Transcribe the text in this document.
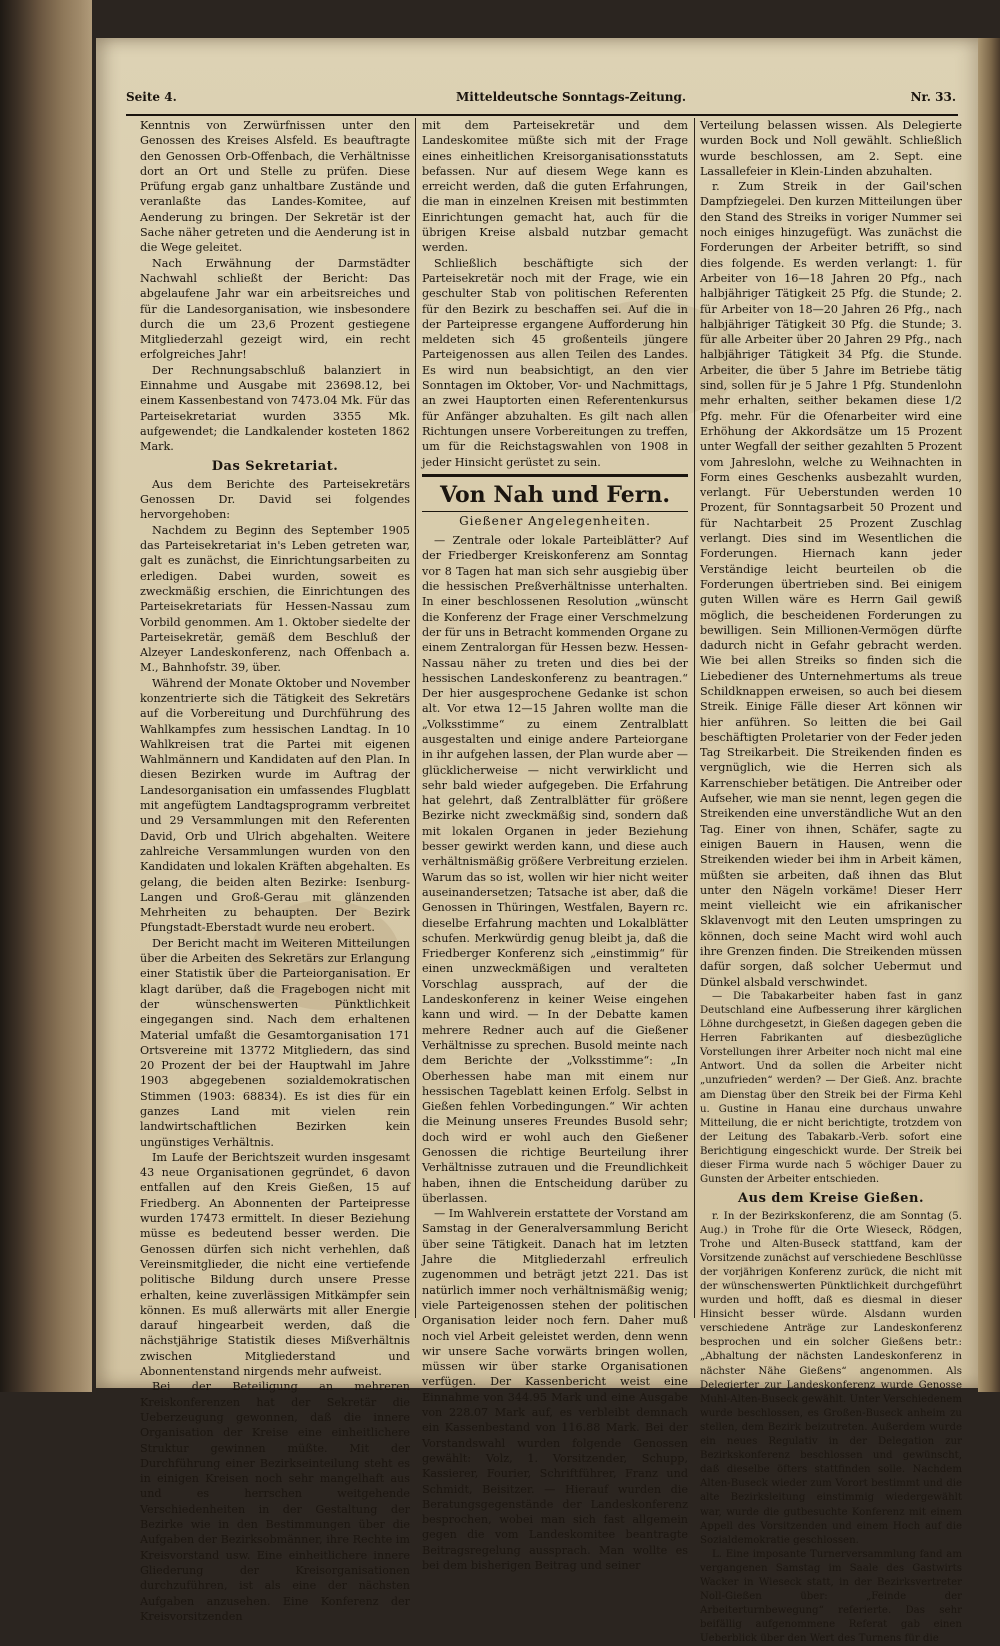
Seite 4.	Mitteldeutsche Sonntags-Zeitung.	Nr. 33.

Kenntnis von Zerwürfnissen unter den Genossen des Kreises Alsfeld. Es beauftragte den Genossen Orb-Offenbach, die Verhältnisse dort an Ort und Stelle zu prüfen. Diese Prüfung ergab ganz unhaltbare Zustände und veranlaßte das Landes-Komitee, auf Aenderung zu bringen. Der Sekretär ist der Sache näher getreten und die Aenderung ist in die Wege geleitet.

Nach Erwähnung der Darmstädter Nachwahl schließt der Bericht: Das abgelaufene Jahr war ein arbeitsreiches und für die Landesorganisation, wie insbesondere durch die um 23,6 Prozent gestiegene Mitgliederzahl gezeigt wird, ein recht erfolgreiches Jahr!

Der Rechnungsabschluß balanziert in Einnahme und Ausgabe mit 23698.12, bei einem Kassenbestand von 7473.04 Mk. Für das Parteisekretariat wurden 3355 Mk. aufgewendet; die Landkalender kosteten 1862 Mark.

Das Sekretariat.

Aus dem Berichte des Parteisekretärs Genossen Dr. David sei folgendes hervorgehoben:

Nachdem zu Beginn des September 1905 das Parteisekretariat in's Leben getreten war, galt es zunächst, die Einrichtungsarbeiten zu erledigen. Dabei wurden, soweit es zweckmäßig erschien, die Einrichtungen des Parteisekretariats für Hessen-Nassau zum Vorbild genommen. Am 1. Oktober siedelte der Parteisekretär, gemäß dem Beschluß der Alzeyer Landeskonferenz, nach Offenbach a. M., Bahnhofstr. 39, über.

Während der Monate Oktober und November konzentrierte sich die Tätigkeit des Sekretärs auf die Vorbereitung und Durchführung des Wahlkampfes zum hessischen Landtag. In 10 Wahlkreisen trat die Partei mit eigenen Wahlmännern und Kandidaten auf den Plan. In diesen Bezirken wurde im Auftrag der Landesorganisation ein umfassendes Flugblatt mit angefügtem Landtagsprogramm verbreitet und 29 Versammlungen mit den Referenten David, Orb und Ulrich abgehalten. Weitere zahlreiche Versammlungen wurden von den Kandidaten und lokalen Kräften abgehalten. Es gelang, die beiden alten Bezirke: Isenburg-Langen und Groß-Gerau mit glänzenden Mehrheiten zu behaupten. Der Bezirk Pfungstadt-Eberstadt wurde neu erobert.

Der Bericht macht im Weiteren Mitteilungen über die Arbeiten des Sekretärs zur Erlangung einer Statistik über die Parteiorganisation. Er klagt darüber, daß die Fragebogen nicht mit der wünschenswerten Pünktlichkeit eingegangen sind. Nach dem erhaltenen Material umfaßt die Gesamtorganisation 171 Ortsvereine mit 13772 Mitgliedern, das sind 20 Prozent der bei der Hauptwahl im Jahre 1903 abgegebenen sozialdemokratischen Stimmen (1903: 68834). Es ist dies für ein ganzes Land mit vielen rein landwirtschaftlichen Bezirken kein ungünstiges Verhältnis.

Im Laufe der Berichtszeit wurden insgesamt 43 neue Organisationen gegründet, 6 davon entfallen auf den Kreis Gießen, 15 auf Friedberg. An Abonnenten der Parteipresse wurden 17473 ermittelt. In dieser Beziehung müsse es bedeutend besser werden. Die Genossen dürfen sich nicht verhehlen, daß Vereinsmitglieder, die nicht eine vertiefende politische Bildung durch unsere Presse erhalten, keine zuverlässigen Mitkämpfer sein können. Es muß allerwärts mit aller Energie darauf hingearbeit werden, daß die nächstjährige Statistik dieses Mißverhältnis zwischen Mitgliederstand und Abonnentenstand nirgends mehr aufweist.

Bei der Beteiligung an mehreren Kreiskonferenzen hat der Sekretär die Ueberzeugung gewonnen, daß die innere Organisation der Kreise eine einheitlichere Struktur gewinnen müßte. Mit der Durchführung einer Bezirkseinteilung steht es in einigen Kreisen noch sehr mangelhaft aus und es herrschen weitgehende Verschiedenheiten in der Gestaltung der Bezirke wie in den Bestimmungen über die Aufgaben der Bezirksobmänner, ihre Rechte im Kreisvorstand usw. Eine einheitlichere innere Gliederung der Kreisorganisationen durchzuführen, ist als eine der nächsten Aufgaben anzusehen. Eine Konferenz der Kreisvorsitzenden

mit dem Parteisekretär und dem Landeskomitee müßte sich mit der Frage eines einheitlichen Kreisorganisationsstatuts befassen. Nur auf diesem Wege kann es erreicht werden, daß die guten Erfahrungen, die man in einzelnen Kreisen mit bestimmten Einrichtungen gemacht hat, auch für die übrigen Kreise alsbald nutzbar gemacht werden.

Schließlich beschäftigte sich der Parteisekretär noch mit der Frage, wie ein geschulter Stab von politischen Referenten für den Bezirk zu beschaffen sei. Auf die in der Parteipresse ergangene Aufforderung hin meldeten sich 45 großenteils jüngere Parteigenossen aus allen Teilen des Landes. Es wird nun beabsichtigt, an den vier Sonntagen im Oktober, Vor- und Nachmittags, an zwei Hauptorten einen Referentenkursus für Anfänger abzuhalten. Es gilt nach allen Richtungen unsere Vorbereitungen zu treffen, um für die Reichstagswahlen von 1908 in jeder Hinsicht gerüstet zu sein.

Von Nah und Fern.
Gießener Angelegenheiten.

— Zentrale oder lokale Parteiblätter? Auf der Friedberger Kreiskonferenz am Sonntag vor 8 Tagen hat man sich sehr ausgiebig über die hessischen Preßverhältnisse unterhalten. In einer beschlossenen Resolution „wünscht die Konferenz der Frage einer Verschmelzung der für uns in Betracht kommenden Organe zu einem Zentralorgan für Hessen bezw. Hessen-Nassau näher zu treten und dies bei der hessischen Landeskonferenz zu beantragen.“ Der hier ausgesprochene Gedanke ist schon alt. Vor etwa 12—15 Jahren wollte man die „Volksstimme“ zu einem Zentralblatt ausgestalten und einige andere Parteiorgane in ihr aufgehen lassen, der Plan wurde aber — glücklicherweise — nicht verwirklicht und sehr bald wieder aufgegeben. Die Erfahrung hat gelehrt, daß Zentralblätter für größere Bezirke nicht zweckmäßig sind, sondern daß mit lokalen Organen in jeder Beziehung besser gewirkt werden kann, und diese auch verhältnismäßig größere Verbreitung erzielen. Warum das so ist, wollen wir hier nicht weiter auseinandersetzen; Tatsache ist aber, daß die Genossen in Thüringen, Westfalen, Bayern rc. dieselbe Erfahrung machten und Lokalblätter schufen. Merkwürdig genug bleibt ja, daß die Friedberger Konferenz sich „einstimmig“ für einen unzweckmäßigen und veralteten Vorschlag aussprach, auf der die Landeskonferenz in keiner Weise eingehen kann und wird. — In der Debatte kamen mehrere Redner auch auf die Gießener Verhältnisse zu sprechen. Busold meinte nach dem Berichte der „Volksstimme“: „In Oberhessen habe man mit einem nur hessischen Tageblatt keinen Erfolg. Selbst in Gießen fehlen Vorbedingungen.“ Wir achten die Meinung unseres Freundes Busold sehr; doch wird er wohl auch den Gießener Genossen die richtige Beurteilung ihrer Verhältnisse zutrauen und die Freundlichkeit haben, ihnen die Entscheidung darüber zu überlassen.

— Im Wahlverein erstattete der Vorstand am Samstag in der Generalversammlung Bericht über seine Tätigkeit. Danach hat im letzten Jahre die Mitgliederzahl erfreulich zugenommen und beträgt jetzt 221. Das ist natürlich immer noch verhältnismäßig wenig; viele Parteigenossen stehen der politischen Organisation leider noch fern. Daher muß noch viel Arbeit geleistet werden, denn wenn wir unsere Sache vorwärts bringen wollen, müssen wir über starke Organisationen verfügen. Der Kassenbericht weist eine Einnahme von 344.95 Mark und eine Ausgabe von 228.07 Mark auf, es verbleibt demnach ein Kassenbestand von 116.88 Mark. Bei der Vorstandswahl wurden folgende Genossen gewählt: Volz, 1. Vorsitzender, Schupp, Kassierer, Fourier, Schriftführer, Franz und Schmidt, Beisitzer. — Hierauf wurden die Beratungsgegenstände der Landeskonferenz besprochen, wobei man sich fast allgemein gegen die vom Landeskomitee beantragte Beitragsregelung aussprach. Man wollte es bei dem bisherigen Beitrag und seiner

Verteilung belassen wissen. Als Delegierte wurden Bock und Noll gewählt. Schließlich wurde beschlossen, am 2. Sept. eine Lassallefeier in Klein-Linden abzuhalten.

r. Zum Streik in der Gail'schen Dampfziegelei. Den kurzen Mitteilungen über den Stand des Streiks in voriger Nummer sei noch einiges hinzugefügt. Was zunächst die Forderungen der Arbeiter betrifft, so sind dies folgende. Es werden verlangt: 1. für Arbeiter von 16—18 Jahren 20 Pfg., nach halbjähriger Tätigkeit 25 Pfg. die Stunde; 2. für Arbeiter von 18—20 Jahren 26 Pfg., nach halbjähriger Tätigkeit 30 Pfg. die Stunde; 3. für alle Arbeiter über 20 Jahren 29 Pfg., nach halbjähriger Tätigkeit 34 Pfg. die Stunde. Arbeiter, die über 5 Jahre im Betriebe tätig sind, sollen für je 5 Jahre 1 Pfg. Stundenlohn mehr erhalten, seither bekamen diese 1/2 Pfg. mehr. Für die Ofenarbeiter wird eine Erhöhung der Akkordsätze um 15 Prozent unter Wegfall der seither gezahlten 5 Prozent vom Jahreslohn, welche zu Weihnachten in Form eines Geschenks ausbezahlt wurden, verlangt. Für Ueberstunden werden 10 Prozent, für Sonntagsarbeit 50 Prozent und für Nachtarbeit 25 Prozent Zuschlag verlangt. Dies sind im Wesentlichen die Forderungen. Hiernach kann jeder Verständige leicht beurteilen ob die Forderungen übertrieben sind. Bei einigem guten Willen wäre es Herrn Gail gewiß möglich, die bescheidenen Forderungen zu bewilligen. Sein Millionen-Vermögen dürfte dadurch nicht in Gefahr gebracht werden. Wie bei allen Streiks so finden sich die Liebediener des Unternehmertums als treue Schildknappen erweisen, so auch bei diesem Streik. Einige Fälle dieser Art können wir hier anführen. So leitten die bei Gail beschäftigten Proletarier von der Feder jeden Tag Streikarbeit. Die Streikenden finden es vergnüglich, wie die Herren sich als Karrenschieber betätigen. Die Antreiber oder Aufseher, wie man sie nennt, legen gegen die Streikenden eine unverständliche Wut an den Tag. Einer von ihnen, Schäfer, sagte zu einigen Bauern in Hausen, wenn die Streikenden wieder bei ihm in Arbeit kämen, müßten sie arbeiten, daß ihnen das Blut unter den Nägeln vorkäme! Dieser Herr meint vielleicht wie ein afrikanischer Sklavenvogt mit den Leuten umspringen zu können, doch seine Macht wird wohl auch ihre Grenzen finden. Die Streikenden müssen dafür sorgen, daß solcher Uebermut und Dünkel alsbald verschwindet.

— Die Tabakarbeiter haben fast in ganz Deutschland eine Aufbesserung ihrer kärglichen Löhne durchgesetzt, in Gießen dagegen geben die Herren Fabrikanten auf diesbezügliche Vorstellungen ihrer Arbeiter noch nicht mal eine Antwort. Und da sollen die Arbeiter nicht „unzufrieden“ werden? — Der Gieß. Anz. brachte am Dienstag über den Streik bei der Firma Kehl u. Gustine in Hanau eine durchaus unwahre Mitteilung, die er nicht berichtigte, trotzdem von der Leitung des Tabakarb.-Verb. sofort eine Berichtigung eingeschickt wurde. Der Streik bei dieser Firma wurde nach 5 wöchiger Dauer zu Gunsten der Arbeiter entschieden.

Aus dem Kreise Gießen.

r. In der Bezirkskonferenz, die am Sonntag (5. Aug.) in Trohe für die Orte Wieseck, Rödgen, Trohe und Alten-Buseck stattfand, kam der Vorsitzende zunächst auf verschiedene Beschlüsse der vorjährigen Konferenz zurück, die nicht mit der wünschenswerten Pünktlichkeit durchgeführt wurden und hofft, daß es diesmal in dieser Hinsicht besser würde. Alsdann wurden verschiedene Anträge zur Landeskonferenz besprochen und ein solcher Gießens betr.: „Abhaltung der nächsten Landeskonferenz in nächster Nähe Gießens“ angenommen. Als Delegierter zur Landeskonferenz wurde Genosse Muhl-Alten-Buseck gewählt. Unter Verschiedenem wurde beschlossen, es Großen-Buseck anheim zu stellen, dem Bezirk beizutreten. Außerdem wurde ein neues Regulativ in der Delegation zur Bezirkskonferenz beschlossen und gewünscht, daß dieselbe öfters stattfinden solle. Nachdem Alten-Buseck wieder zum Vorort bestimmt und die alte Bezirksleitung einstimmig wiedergewählt war, wurde die gutbesuchte Konferenz mit einem Appell des Vorsitzenden und einem Hoch auf die Sozialdemokratie geschlossen.

L. Eine imposante Turnerversammlung fand am vergangenen Samstag im Saale des Gastwirts Wacker in Wieseck statt, in der Bezirksvertreter Noll-Gießen über: „Feinde der Arbeiterturnbewegung“ referierte. Das sehr beifällig aufgenommene Referat gab einen Ueberblick über den Wert des Turnens für die
